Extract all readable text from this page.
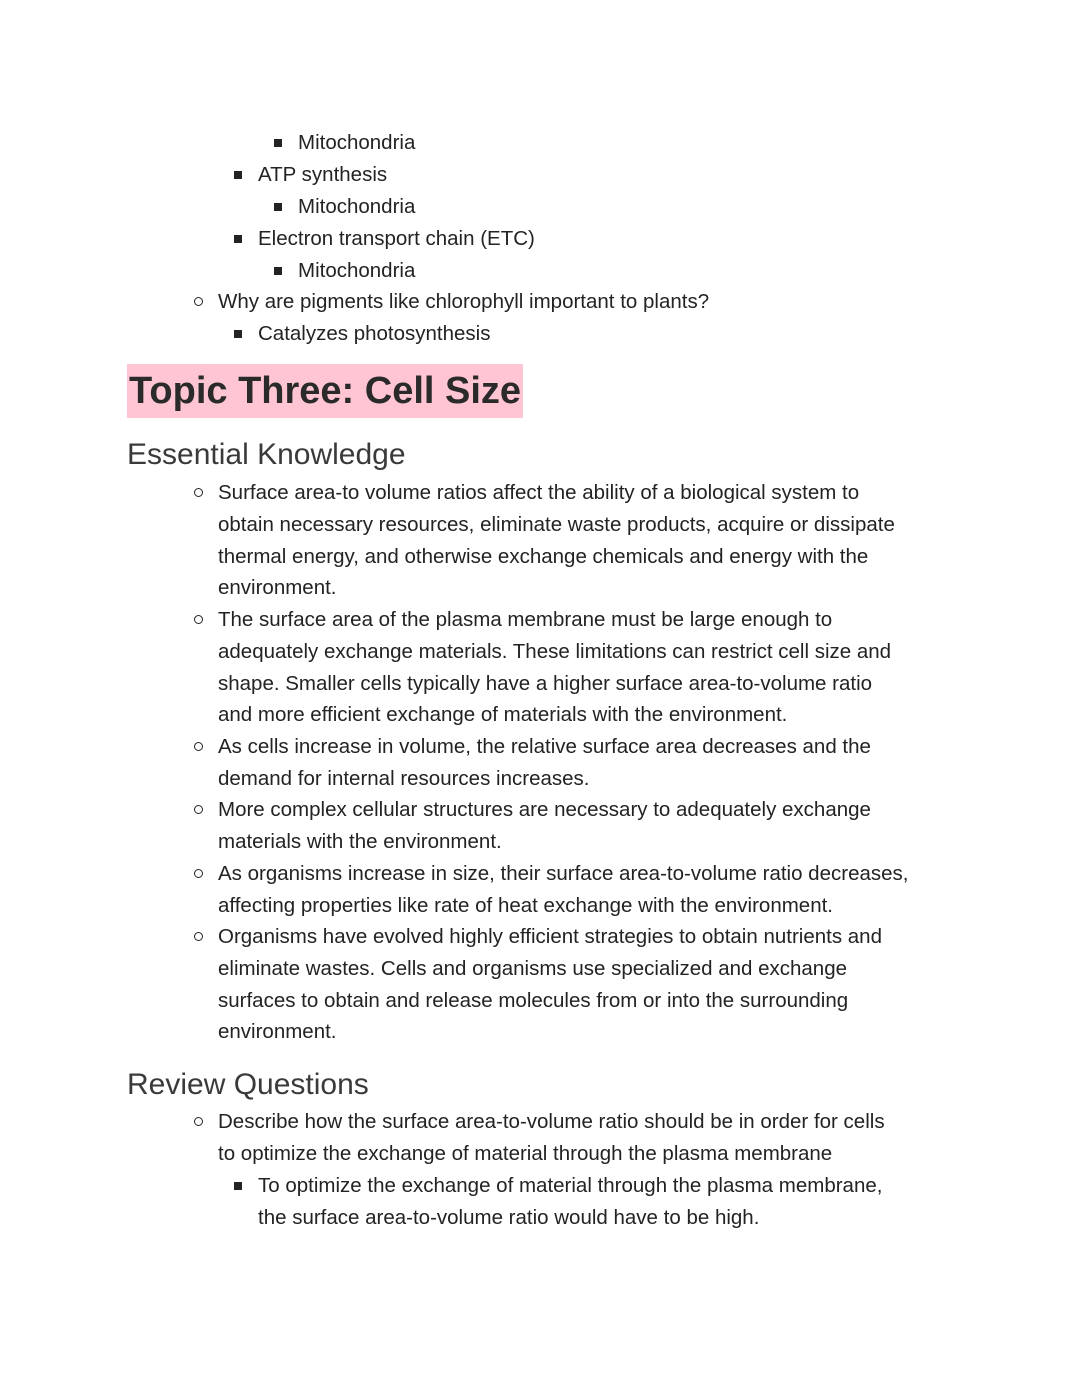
Mitochondria
ATP synthesis
Mitochondria
Electron transport chain (ETC)
Mitochondria
Why are pigments like chlorophyll important to plants?
Catalyzes photosynthesis
Topic Three: Cell Size
Essential Knowledge
Surface area-to volume ratios affect the ability of a biological system to
obtain necessary resources, eliminate waste products, acquire or dissipate
thermal energy, and otherwise exchange chemicals and energy with the
environment.
The surface area of the plasma membrane must be large enough to
adequately exchange materials. These limitations can restrict cell size and
shape. Smaller cells typically have a higher surface area-to-volume ratio
and more efficient exchange of materials with the environment.
As cells increase in volume, the relative surface area decreases and the
demand for internal resources increases.
More complex cellular structures are necessary to adequately exchange
materials with the environment.
As organisms increase in size, their surface area-to-volume ratio decreases,
affecting properties like rate of heat exchange with the environment.
Organisms have evolved highly efficient strategies to obtain nutrients and
eliminate wastes. Cells and organisms use specialized and exchange
surfaces to obtain and release molecules from or into the surrounding
environment.
Review Questions
Describe how the surface area-to-volume ratio should be in order for cells
to optimize the exchange of material through the plasma membrane
To optimize the exchange of material through the plasma membrane,
the surface area-to-volume ratio would have to be high.
